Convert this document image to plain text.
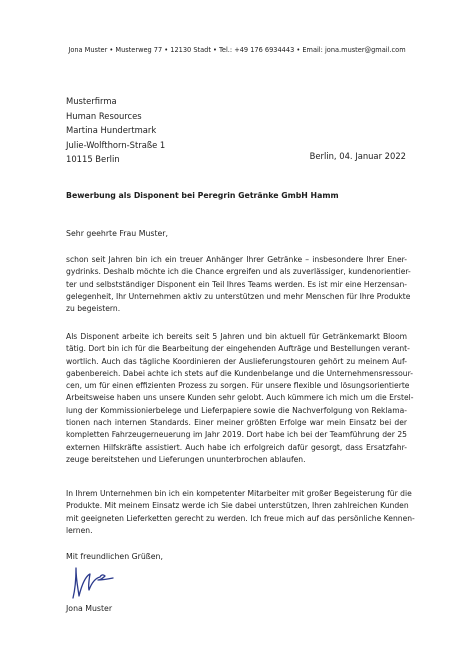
Jona Muster • Musterweg 77 • 12130 Stadt • Tel.: +49 176 6934443 • Email: jona.muster@gmail.com
Musterfirma
Human Resources
Martina Hundertmark
Julie-Wolfthorn-Straße 1
10115 Berlin	Berlin, 04. Januar 2022
Bewerbung als Disponent bei Peregrin Getränke GmbH Hamm
Sehr geehrte Frau Muster,
schon seit Jahren bin ich ein treuer Anhänger Ihrer Getränke – insbesondere Ihrer Ener-
gydrinks. Deshalb möchte ich die Chance ergreifen und als zuverlässiger, kundenorientier-
ter und selbstständiger Disponent ein Teil Ihres Teams werden. Es ist mir eine Herzensan-
gelegenheit, Ihr Unternehmen aktiv zu unterstützen und mehr Menschen für Ihre Produkte
zu begeistern.
Als Disponent arbeite ich bereits seit 5 Jahren und bin aktuell für Getränkemarkt Bloom
tätig. Dort bin ich für die Bearbeitung der eingehenden Aufträge und Bestellungen verant-
wortlich. Auch das tägliche Koordinieren der Auslieferungstouren gehört zu meinem Auf-
gabenbereich. Dabei achte ich stets auf die Kundenbelange und die Unternehmensressour-
cen, um für einen effizienten Prozess zu sorgen. Für unsere flexible und lösungsorientierte
Arbeitsweise haben uns unsere Kunden sehr gelobt. Auch kümmere ich mich um die Erstel-
lung der Kommissionierbelege und Lieferpapiere sowie die Nachverfolgung von Reklama-
tionen nach internen Standards. Einer meiner größten Erfolge war mein Einsatz bei der
kompletten Fahrzeugerneuerung im Jahr 2019. Dort habe ich bei der Teamführung der 25
externen Hilfskräfte assistiert. Auch habe ich erfolgreich dafür gesorgt, dass Ersatzfahr-
zeuge bereitstehen und Lieferungen ununterbrochen ablaufen.
In Ihrem Unternehmen bin ich ein kompetenter Mitarbeiter mit großer Begeisterung für die
Produkte. Mit meinem Einsatz werde ich Sie dabei unterstützen, Ihren zahlreichen Kunden
mit geeigneten Lieferketten gerecht zu werden. Ich freue mich auf das persönliche Kennen-
lernen.
Mit freundlichen Grüßen,
Jona Muster
